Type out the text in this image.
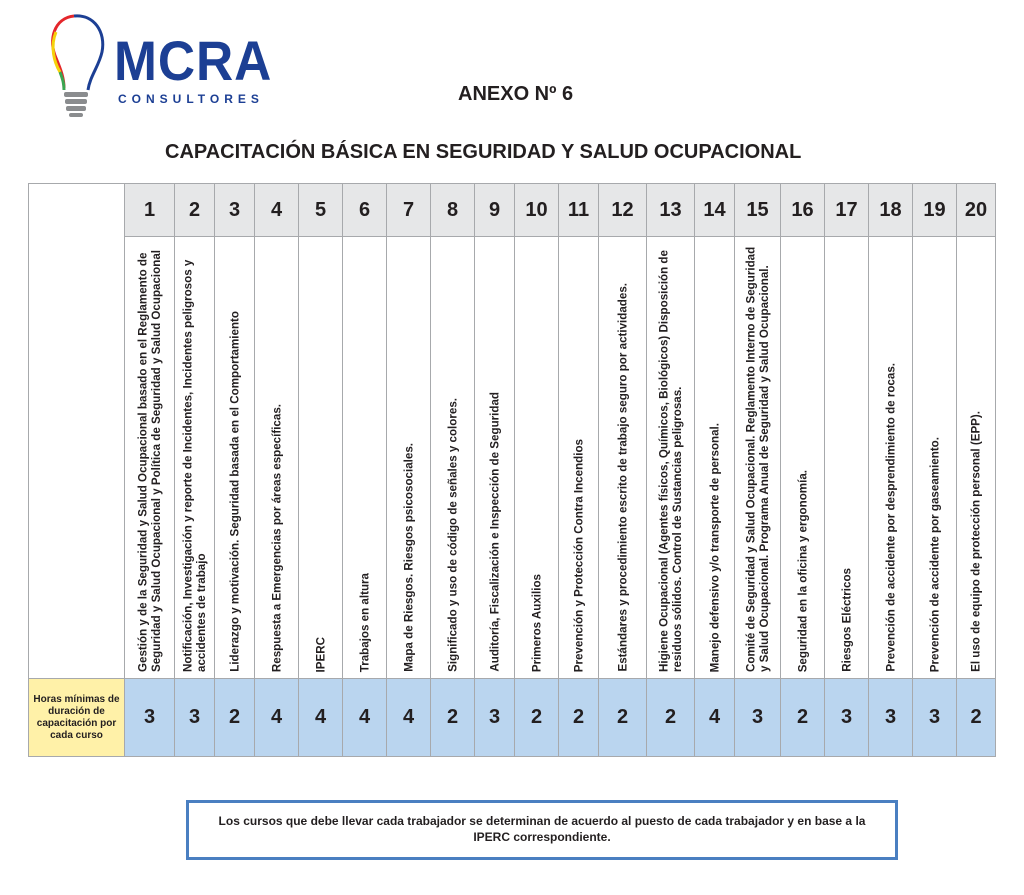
MCRA
CONSULTORES	ANEXO Nº 6
CAPACITACIÓN BÁSICA EN SEGURIDAD Y SALUD OCUPACIONAL
	1	2	3	4	5	6	7	8	9	10	11	12	13	14	15	16	17	18	19	20

	Gestión y de la Seguridad y Salud Ocupacional basado en el Reglamento de Seguridad y Salud Ocupacional y Política de Seguridad y Salud Ocupacional	Notificación, Investigación y reporte de Incidentes, Incidentes peligrosos y accidentes de trabajo	Liderazgo y motivación. Seguridad basada en el Comportamiento	Respuesta a Emergencias por áreas específicas.	IPERC	Trabajos en altura	Mapa de Riesgos. Riesgos psicosociales.	Significado y uso de código de señales y colores.	Auditoría, Fiscalización e Inspección de Seguridad	Primeros Auxilios	Prevención y Protección Contra Incendios	Estándares y procedimiento escrito de trabajo seguro por actividades.	Higiene Ocupacional (Agentes físicos, Químicos, Biológicos) Disposición de residuos sólidos. Control de Sustancias peligrosas.	Manejo defensivo y/o transporte de personal.	Comité de Seguridad y Salud Ocupacional. Reglamento Interno de Seguridad y Salud Ocupacional. Programa Anual de Seguridad y Salud Ocupacional.	Seguridad en la oficina y ergonomía.	Riesgos Eléctricos	Prevención de accidente por desprendimiento de rocas.	Prevención de accidente por gaseamiento.	El uso de equipo de protección personal (EPP).

Horas mínimas de duración de capacitación por cada curso	3	3	2	4	4	4	4	2	3	2	2	2	2	4	3	2	3	3	3	2
Los cursos que debe llevar cada trabajador se determinan de acuerdo al puesto de cada trabajador y en base a la IPERC correspondiente.
